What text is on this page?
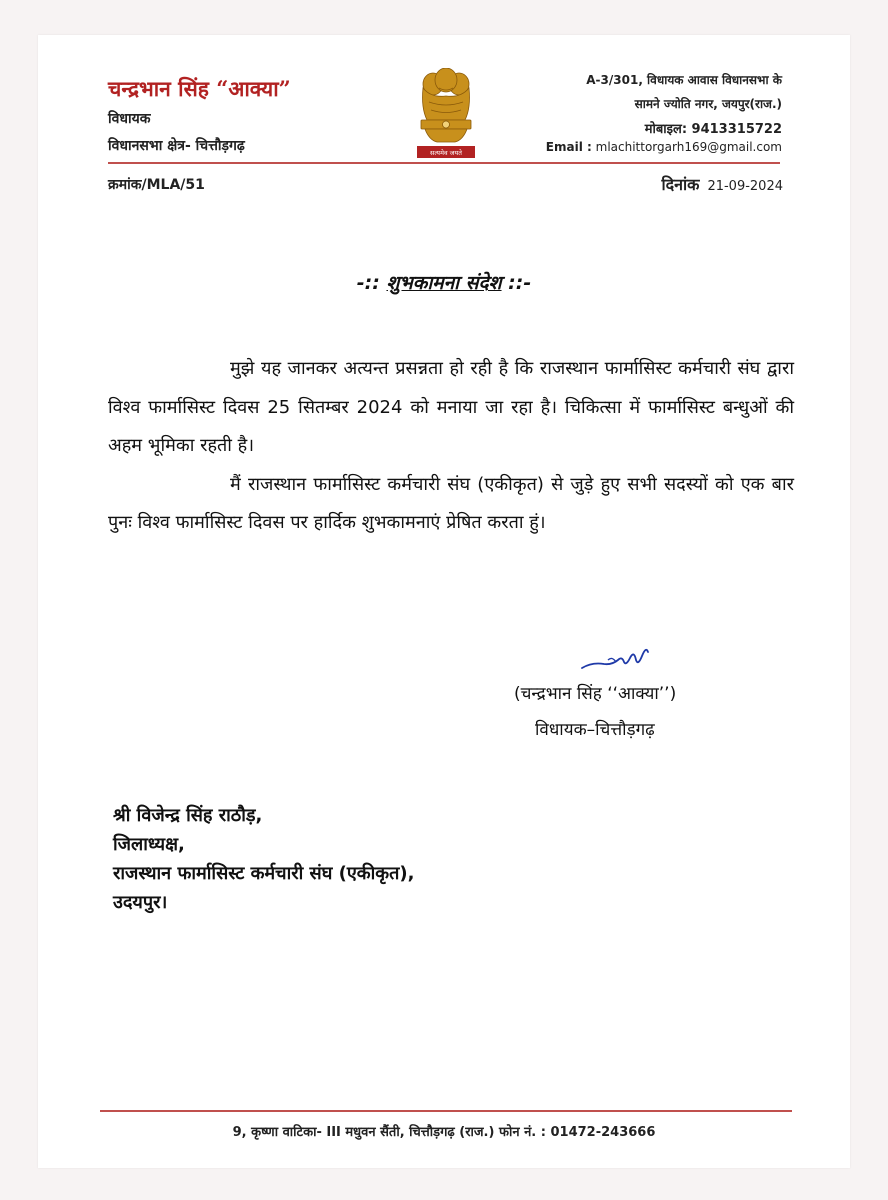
चन्द्रभान सिंह “आक्या”

विधायक

विधानसभा क्षेत्र- चित्तौड़गढ़	सत्यमेव जयते

A-3/301, विधायक आवास विधानसभा के

सामने ज्योति नगर, जयपुर(राज.)

मोबाइल: 9413315722

Email : mlachittorgarh169@gmail.com

क्रमांक/MLA/51	दिनांक 21-09-2024

-:: शुभकामना संदेश ::-

मुझे यह जानकर अत्यन्त प्रसन्नता हो रही है कि राजस्थान फार्मासिस्ट कर्मचारी संघ द्वारा विश्व फार्मासिस्ट दिवस 25 सितम्बर 2024 को मनाया जा रहा है। चिकित्सा में फार्मासिस्ट बन्धुओं की अहम भूमिका रहती है।

मैं राजस्थान फार्मासिस्ट कर्मचारी संघ (एकीकृत) से जुड़े हुए सभी सदस्यों को एक बार पुनः विश्व फार्मासिस्ट दिवस पर हार्दिक शुभकामनाएं प्रेषित करता हुं।

(चन्द्रभान सिंह ‘‘आक्या’’)

विधायक–चित्तौड़गढ़

श्री विजेन्द्र सिंह राठौड़,

जिलाध्यक्ष,

राजस्थान फार्मासिस्ट कर्मचारी संघ (एकीकृत),

उदयपुर।

9, कृष्णा वाटिका- III मधुवन सैंती, चित्तौड़गढ़ (राज.) फोन नं. : 01472-243666
